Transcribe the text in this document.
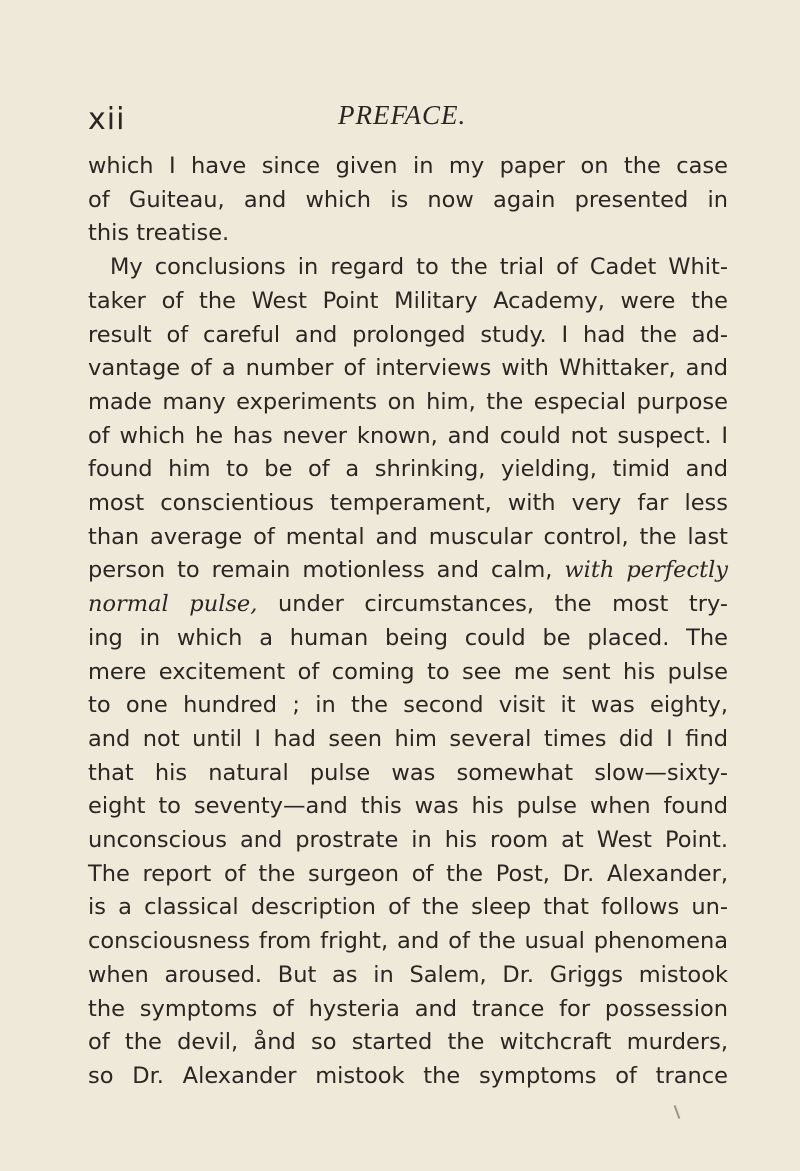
xii	PREFACE.
which I have since given in my paper on the case
of Guiteau, and which is now again presented in
this treatise.
My conclusions in regard to the trial of Cadet Whit-
taker of the West Point Military Academy, were the
result of careful and prolonged study. I had the ad-
vantage of a number of interviews with Whittaker, and
made many experiments on him, the especial purpose
of which he has never known, and could not suspect. I
found him to be of a shrinking, yielding, timid and
most conscientious temperament, with very far less
than average of mental and muscular control, the last
person to remain motionless and calm, with perfectly
normal pulse, under circumstances, the most try-
ing in which a human being could be placed. The
mere excitement of coming to see me sent his pulse
to one hundred ; in the second visit it was eighty,
and not until I had seen him several times did I find
that his natural pulse was somewhat slow—sixty-
eight to seventy—and this was his pulse when found
unconscious and prostrate in his room at West Point.
The report of the surgeon of the Post, Dr. Alexander,
is a classical description of the sleep that follows un-
consciousness from fright, and of the usual phenomena
when aroused. But as in Salem, Dr. Griggs mistook
the symptoms of hysteria and trance for possession
of the devil, ånd so started the witchcraft murders,
so Dr. Alexander mistook the symptoms of trance
